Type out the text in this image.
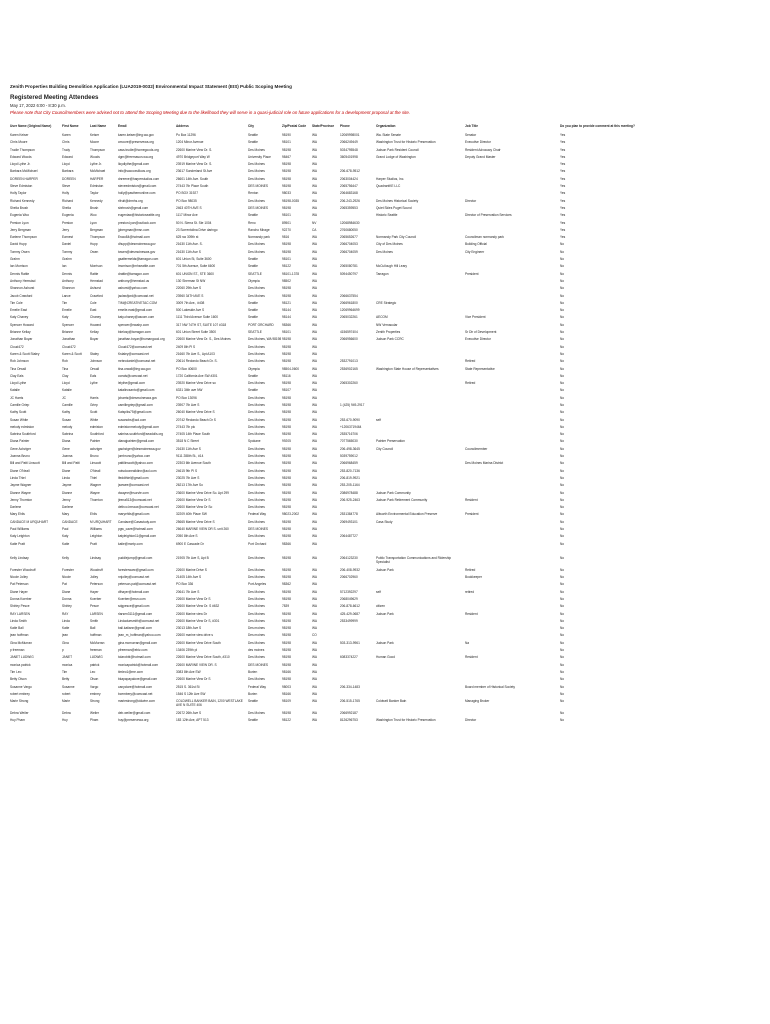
Zenith Properties Building Demolition Application (LUA2019-0032) Environmental Impact Statement (EIS) Public Scoping Meeting
Registered Meeting Attendees
May 17, 2022 6:00 - 8:30 p.m.
Please note that City Councilmembers were advised not to attend the Scoping Meeting due to the likelihood they will serve in a quasi-judicial role on future applications for a development proposal at the site.
User Name (Original Name)	First Name	Last Name	Email	Address	City	Zip/Postal Code	State/Province	Phone	Organization	Job Title	Do you plan to provide comment at this meeting?
Karen Keiser	Karen	Keiser	karen.keiser@leg.wa.gov	Po Box 11296	Seattle	98190	WA	12069998001	Wa. State Senate	Senator	Yes
Chris Moore	Chris	Moore	cmoore@preservewa.org	1204 Minor Avenue	Seattle	98101	WA	2066249449	Washington Trust for Historic Preservation	Executive Director	Yes
Trudie Thompson	Trudy	Thompson	cass.trudie@homegoods.org	22600 Marine View Dr. S.	Des Moines	98198	WA	5034795548	Judson Park Resident Council	Resident Advocacy Chair	Yes
Edward Woods	Edward	Woods	dgm@freemason-wa.org	4970 Bridgeport Way W	University Place	98467	WA	3605401998	Grand Lodge of Washington	Deputy Grand Master	Yes
Lloyd Lythe Jr.	Lloyd	Lythe Jr.	lloydlythe@gmail.com	23919 Marine View Dr. S.	Des Moines	98198	WA				Yes
Barbara McMichael	Barbara	McMichael	info@saccoxsiliuos.org	23617 Sunderland St Ave	Des Moines	98198	WA	206-678-9512			Yes
DOREEN HARPER	DOREEN	HARPER	dnreene@harperstudios.com	26601 14th Ave. South	Des Moines	98198	WA	2063004424	Harper Studios, Inc.		Yes
Steve Edmiston	Steve	Edmiston	steveedmiston@gmail.com	27443 7th Place South	DES MOINES	98198	WA	2065756447	QuadrantKE LLC		Yes
Holly Taylor	Holly	Taylor	holly@pasthemonline.com	PO BOX 31927	Renton	98033	WA	2064683168			Yes
Richard Kennedy	Richard	Kennedy	rlfruit@drmhs.org	PO Box 98035	Des Moines	98198-0035	WA	206-243-2926	Des Moines Historical Society	Director	Yes
Shelia Brush	Shelia	Brush	sbrbrush@gmail.com	2463 40TH AVE S	DES MOINES	98198	WA	2065359553	Quiet Skies Puget Sound		Yes
Eugenia Woo	Eugenia	Woo	eugeniaw@historicseattle.org	1117 Minor Ave	Seattle	98101	WA		Historic Seattle	Director of Preservation Services	Yes
Preston Lyon	Preston	Lyon	preston.lyon@outlook.com	50 N. Sierra St. Ste 1004	Reno	89501	NV	12068984630			Yes
Jerry Bergman	Jerry	Bergman	jpbergman@msn.com	23 Sorrentolina Drive daringo	Rancho Mirage	92270	CA	2760680050			Yes
Earlene Thompson	Earnest	Thompson	Eswo84@hotmail.com	625 sw 309th st	Normandy park	9816	WA	2065652677	Normandy Park City Council	Councilman normandy park	Yes
David Hupp	Daniel	Hupp	dhupp@desmoineswa.gov	21630 11th Ave. S.	Des Moines	98198	WA	2066704053	City of Des Moines	Building Official	No
Tommy Owen	Tommy	Owen	towen@desmoineswa.gov	21630 11th Ave S	Des Moines	98198	WA	2066704059	Des Moines	City Engineer	No
Grahm	Grahm		gsattermelds@tarragon.com	601 Union St, Suite 3600	Seattle	98101	WA				No
Ian Morrison	Ian	Morrison	imorrison@mhseattle.com	701 5th Avenue, Suite 6600	Seattle	98122	WA	2065080781	McCullough Hill Leary		No
Dennis Rattie	Dennis	Rattie	drattie@tarragon.com	601 UNION ST., STE 3600	SEATTLE	98101-1378	WA	5094450797	Tarragon	President	No
Anthony Hemstad	Anthony	Hemstad	anthony@hemstad.us	130 Sherman St NW	Olympia	98502	WA				No
Shannon Ashurst	Shannon	Ashurst	ashurst@yahoo.com	22060 29th Ave S	Des Moines	98198	WA				No
Jacob Crawford	Lance	Crawford	jaclawfjord@comcast.net	23960 34TH AVE S	Des Moines	98198	WA	2066637554			No
Tim Cole	Tim	Cole	TIM@CREATIVETAC.COM	3009 7th Ave., #408	Seattle	98121	WA	2066961800	CRE Strategic		No
Emelie East	Emelie	East	emelie.east@gmail.com	500 Lakeside Ave S	Seattle	98144	WA	12069964699			No
Katy Chaney	Katy	Chaney	katy.chaney@asccm.com	1111 Third Avenue Suite 1600	Seattle	98144	WA	2065032261	AECOM	Vice President	No
Spencer Howard	Spencer	Howard	spencer@nwahp.com	317 NW 74TH ST, SUITE 107 #318	PORT ORCHARD	98366	WA		NW Vernacular		No
Brianne Kellay	Brianne	Kellay	bkelosy@tarragon.com	601 Union Street Suite 3500	SEATTLE	98101	WA	4156597404	Zenith Properties	Sr Dir of Development	No
Jonathan Boyar	Jonathan	Boyar	jonathan.boyar@humangood.org	22600 Marine View Dr. S., Des Moines	Des Moines, WA 98198	98198	WA	2066956600	Judson Park CCRC	Executive Director	No
Cloud472	Cloud472		Cloud472@comcast.net	2409 8th Pl S	Des Moines	98198	WA				No
Karen & Scott Staley	Karen & Scott	Staley	Kstaley@comcast.net	21660 7th Ave S., Apt A103	Des Moines	98198	WA				No
Rob Johnson	Rob	Johnson	mrbrodaniel@comcast.net	20614 Redondo Beach Dr. S.	Des Moines	98198	WA	2532791013		Retired	No
Tina Orwall	Tina	Orwall	tina.orwall@leg.wa.gov	PO Box 40600	Olympia	98504-0600	WA	2536902165	Washington State House of Representatives	State Representative	No
Clay Eals	Clay	Eals	cceals@comcast.net	1720 California Ave SW #301	Seattle	98116	WA				No
Lloyd Lythe	Lloyd	Lythe	lelythe@gmail.com	23920 Marine View Drive so	Des Moines	98198	WA	2065302260		Retired	No
Katalie	Katalie		katalincsanto@gmail.com	6331 34th ave NW	Seattle	98107	WA				No
JC Harris	JC	Harris	jcharris@desmoineswa.gov	PO Box 13096	Des Moines	98198	WA				No
Camille Griep	Camille	Griep	camillegriep@gmail.com	23907 7th Ave S	Des Moines	98198	WA	1 (425) 949-2917			No
Kathy Scott	Kathy	Scott	Katspiks75@gmail.com	26040 Marine View Drive S	Des Moines	98198	WA				No
Susan White	Susan	White	susanobs@aol.com	20742 Redondo Beach Dr S	Des Moines	98198	WA	253-670-9090	self		No
melody edmiston	melody	edmiston	edmistonmelody@gmail.com	27443 7th plc	Des Moines	98198	WA	+12063719464			No
Sabrina Southford	Sabrina	Southford	sabrina.southford@seadolls.org	27405 14th Place South	Des Moines	98198	WA	2535716706			No
Diana Painter	Diana	Painter	dianajpainter@gmail.com	3518 N C Street	Spokane	99205	WA	7077565030	Painter Preservation		No
Gene Achziger	Gene	achziger	gachziger@desmoineswa.gov	21630 11th Ave S	Des Moines	98198	WA	206-498-3645	City Council	Councilmember	No
Joanna Bruno	Joanna	Bruno	jombruno@yahoo.com	9111 288th St., #14	Des Moines	98198	WA	5039759012			No
Bill and Patti Linscott	Bill and Patti	Linscott	pattilinscott@yahoo.com	22303 6th Avenue South	Des Moines	98198	WA	2066968459		Des Moines Marina District	No
Diane O'Neall	Diane	O'Neall	notsdoonealldinn@aol.com	24615 9th PI S	Des Moines	98198	WA	253-820-7136			No
Linda Thiel	Linda	Thiel	lfeddthiel@gmail.com	23025 7th Ave S	Des Moines	98198	WA	206-819-9921			No
Jayme Wagner	Jayme	Wagner	jswwee@comcast.net	26213 17th Ave So	Des Moines	98198	WA	253-205-1164			No
Dianne Wayne	Dianne	Wayne	dwayne@rsurvle.com	23600 Marine View Drive So. Apt 299	Des Moines	98198	WA	2086978488	Judson Park Community		No
Jenny Thornton	Jenny	Thornton	jtrena513@comcast.net	22600 Marine View Dr S	Des Moines	98198	WA	206-925-2463	Judson Park Retirement Community	Resident	No
Darlene	Darlene		dethco.breaux@comcast.net	22600 Marine View Dr So	Des Moines	98198	WA				No
Mary Ehlis	Mary	Ehlis	maryehlis@gmail.com	32209 40th Place SW	Federal Way	98023-2002	WA	2531384778	Allworth Environmental Education Preserve	President	No
CANDACE M URQUHART	CANDACE	M URQUHART	Candace@Casastudy.com	25665 Marine View Drive S	Des Moines	98198	WA	2069493101	Casa Study		No
Paul Williams	Paul	Williams	pgw_cave@hotmail.com	26640 MARINE VIEW DR S. unit 260	DES MOINES	98198	WA				No
Katy Leighton	Katy	Leighton	katyleighton11@gmail.com	2050 8th Ave S	Des Moines	98198	WA	2064487727			No
Katie Pratt	Katie	Pratt	katie@nwrtp.com	6900 E Cascade Dr	Port Orchard	98366	WA				No

Kelly Lindsay	Kelly	Lindsay	puddlejump@gmail.com	21905 7th Ave S, Apt B	Des Moines	98198	WA	2064123230	Public Transportation Communications and Ridership Specialist		No
Forester Woodruff	Forester	Woodruff	foresterwww@gmail.com	22600 Marine Drive S	Des Moines	98198	WA	206-408-9932	Judson Park	Retired	No
Nicole Jolley	Nicole	Jolley	nnjolley@comcast.net	21405 14th Ave S	Des Moines	98198	WA	2066702960		Bookkeeper	No
Pat Peterson	Pat	Peterson	peterson.pat@comcast.net	PO Box 336	Port Angeles	98362	WA				No
Diane Hayer	Diane	Hayer	dfhayer@hotmail.com	20641 7th Ave S	Des Moines	98198	WA	5712392297	self	retired	No
Donna Koerber	Donna	Koerber	Koerber@msn.com	22600 Marine View Dr S	Des Moines	98198	WA	2068049629			No
Shirley Pesce	Shirley	Pesce	sdgpesce@gmail.com	22600 Marine View Dr. S #632	Des Moines	7839	WA	206-878-6612	citizen		No
RAY LARSEN	RAY	LARSEN	rlarsen3111@gmail.com	22600 Marine view Dr	Des Moines	98198	WA	425-429-0687	Judson Park	Resident	No
Linda Smith	Linda	Smith	Lindaduesmith@comcast.net	22600 Marine View Dr S, #301	Des Moines	98198	WA	2533499999			No
Katie Ball	Katie	Ball	ball.katiann@gmail.com	23013 18th Ave S	Des moines	98198	WA				No
jean hoffman	jean	hoffman	jean_m_hoffman@yahoo.com	22600 marine view drive s	Des moines	98198	CO				No
Gina McMurran	Gina	McMurran	gina.mcmurran@gmail.com	22600 Marine View Drive South	Des Moines	98198	WA	503-313-9961	Judson Park	Na	No
p freeman	p	freeman	pfreeman@ebiz.com	13406 239th pl	des moines	98198	WA				No
JANET LUDWIG	JANET	LUDWIG	tolarobbl@hotmail.com	22600 Marine View Drive South, #310	Des Moines	98198	WA	6083374227	Human Good	Resident	No
monica patrick	monica	patrick	monicapatrick@hotmail.com	22600 MARINE VIEW DR. S	DES MOINES	98198	WA				No
Tim Leo	Tim	Leo	timleo1@me.com	3083 8th Ave SW	Burien	98166	WA				No
Betty Olson	Betty	Olson	bkapapayalove@gmail.com	22600 Marine View Dr S	Des Moines	98198	WA				No
Susanne Vargo	Susanne	Vargo	canyclare@hotmail.com	2515 S. 361st St	Federal Way	98003	WA	206-334-1483		Board member of Historical Society	No
robert embrey	robert	embrey	bcembery@comcast.net	1546 S 12th Ave SW	Burien	98166	WA				No
Marie Strong	Marie	Strong	mariestrong@cldwire.com	COLDWELL BANKER BAIN, 1200 WESTLAKE AVE N SUITE 406	Seattle	98109	WA	206-515-1765	Coldwell Banker Bain	Managing Broker	No
Debra Weiler	Debra	Weiler	deb.weiler@gmail.com	22672 26th Ave S	Des Moines	98198	WA	2066992187			No
Huy Pham	Huy	Pham	huy@preservewa.org	183 12th Ave, APT 513	Seattle	98122	WA	8126296753	Washington Trust for Historic Preservation	Director	No
